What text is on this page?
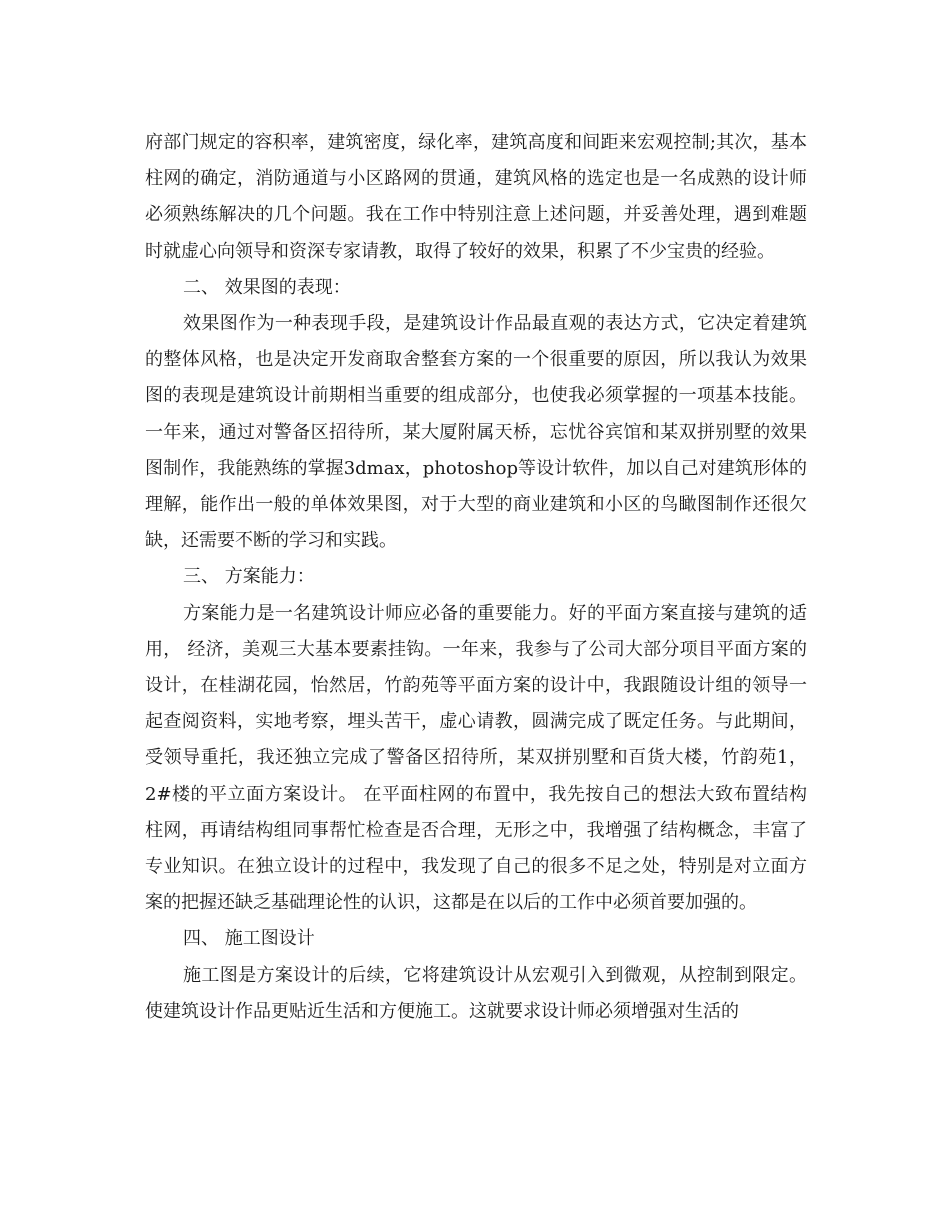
府部门规定的容积率，建筑密度，绿化率，建筑高度和间距来宏观控制;其次，基本柱网的确定，消防通道与小区路网的贯通，建筑风格的选定也是一名成熟的设计师必须熟练解决的几个问题。我在工作中特别注意上述问题，并妥善处理，遇到难题时就虚心向领导和资深专家请教，取得了较好的效果，积累了不少宝贵的经验。

二、 效果图的表现：

效果图作为一种表现手段，是建筑设计作品最直观的表达方式，它决定着建筑的整体风格，也是决定开发商取舍整套方案的一个很重要的原因，所以我认为效果图的表现是建筑设计前期相当重要的组成部分，也使我必须掌握的一项基本技能。一年来，通过对警备区招待所，某大厦附属天桥，忘忧谷宾馆和某双拼别墅的效果图制作，我能熟练的掌握3dmax，photoshop等设计软件，加以自己对建筑形体的理解，能作出一般的单体效果图，对于大型的商业建筑和小区的鸟瞰图制作还很欠缺，还需要不断的学习和实践。

三、 方案能力：

方案能力是一名建筑设计师应必备的重要能力。好的平面方案直接与建筑的适用， 经济，美观三大基本要素挂钩。一年来，我参与了公司大部分项目平面方案的设计，在桂湖花园，怡然居，竹韵苑等平面方案的设计中，我跟随设计组的领导一起查阅资料，实地考察，埋头苦干，虚心请教，圆满完成了既定任务。与此期间，受领导重托，我还独立完成了警备区招待所，某双拼别墅和百货大楼，竹韵苑1，2#楼的平立面方案设计。 在平面柱网的布置中，我先按自己的想法大致布置结构柱网，再请结构组同事帮忙检查是否合理，无形之中，我增强了结构概念，丰富了专业知识。在独立设计的过程中，我发现了自己的很多不足之处，特别是对立面方案的把握还缺乏基础理论性的认识，这都是在以后的工作中必须首要加强的。

四、 施工图设计

施工图是方案设计的后续，它将建筑设计从宏观引入到微观，从控制到限定。使建筑设计作品更贴近生活和方便施工。这就要求设计师必须增强对生活的
